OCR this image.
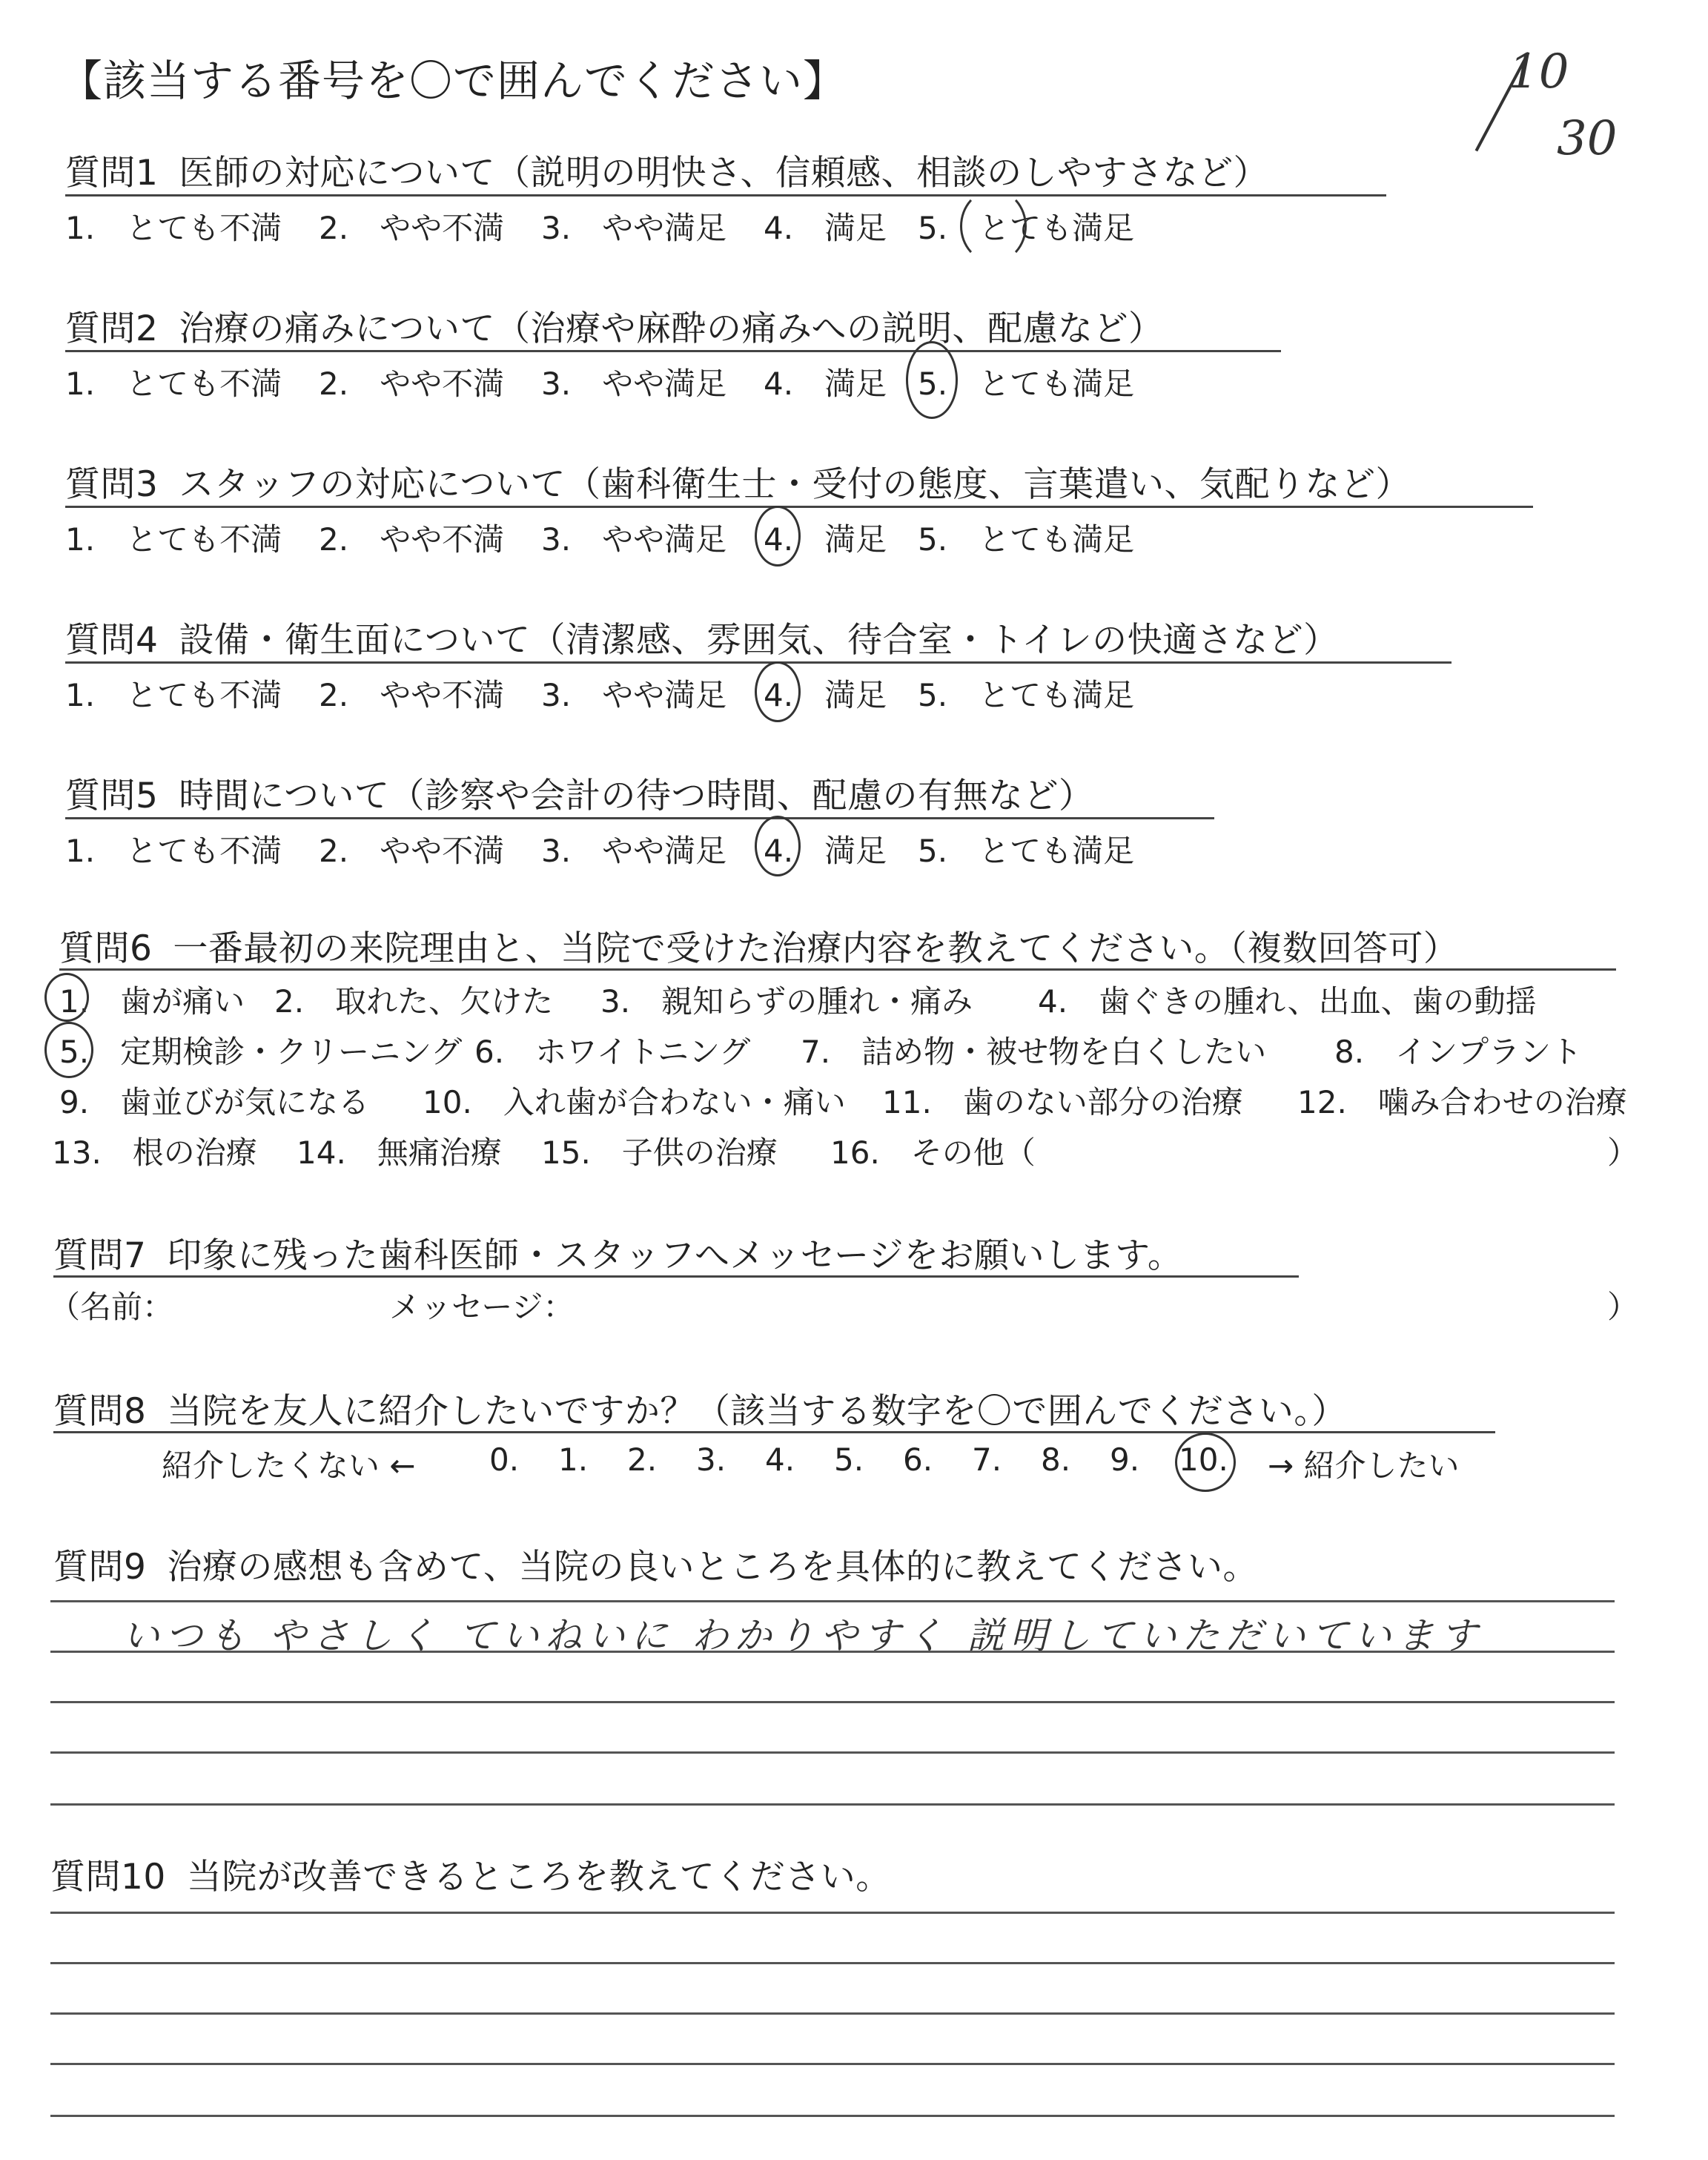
【該当する番号を〇で囲んでください】	10
30
質問1 医師の対応について（説明の明快さ、信頼感、相談のしやすさなど）
1.　とても不満 2.　やや不満 3.　やや満足 4.　満足 5.　とても満足
質問2 治療の痛みについて（治療や麻酔の痛みへの説明、配慮など）
1.　とても不満 2.　やや不満 3.　やや満足 4.　満足 5.　とても満足
質問3 スタッフの対応について（歯科衛生士・受付の態度、言葉遣い、気配りなど）
1.　とても不満 2.　やや不満 3.　やや満足 4.　満足 5.　とても満足
質問4 設備・衛生面について（清潔感、雰囲気、待合室・トイレの快適さなど）
1.　とても不満 2.　やや不満 3.　やや満足 4.　満足 5.　とても満足
質問5 時間について（診察や会計の待つ時間、配慮の有無など）
1.　とても不満 2.　やや不満 3.　やや満足 4.　満足 5.　とても満足
質問6 一番最初の来院理由と、当院で受けた治療内容を教えてください。（複数回答可）
1.　歯が痛い 2.　取れた、欠けた 3.　親知らずの腫れ・痛み 4.　歯ぐきの腫れ、出血、歯の動揺
5.　定期検診・クリーニング 6.　ホワイトニング 7.　詰め物・被せ物を白くしたい 8.　インプラント
9.　歯並びが気になる 10.　入れ歯が合わない・痛い 11.　歯のない部分の治療 12.　噛み合わせの治療
13.　根の治療 14.　無痛治療 15.　子供の治療 16.　その他（	）
質問7 印象に残った歯科医師・スタッフへメッセージをお願いします。
（名前：	メッセージ：	）
質問8 当院を友人に紹介したいですか？（該当する数字を〇で囲んでください。）
紹介したくない ← 0. 1. 2. 3. 4. 5. 6. 7. 8. 9. 10.	→ 紹介したい
質問9 治療の感想も含めて、当院の良いところを具体的に教えてください。
いつも やさしく ていねいに わかりやすく 説明していただいています
質問10 当院が改善できるところを教えてください。
